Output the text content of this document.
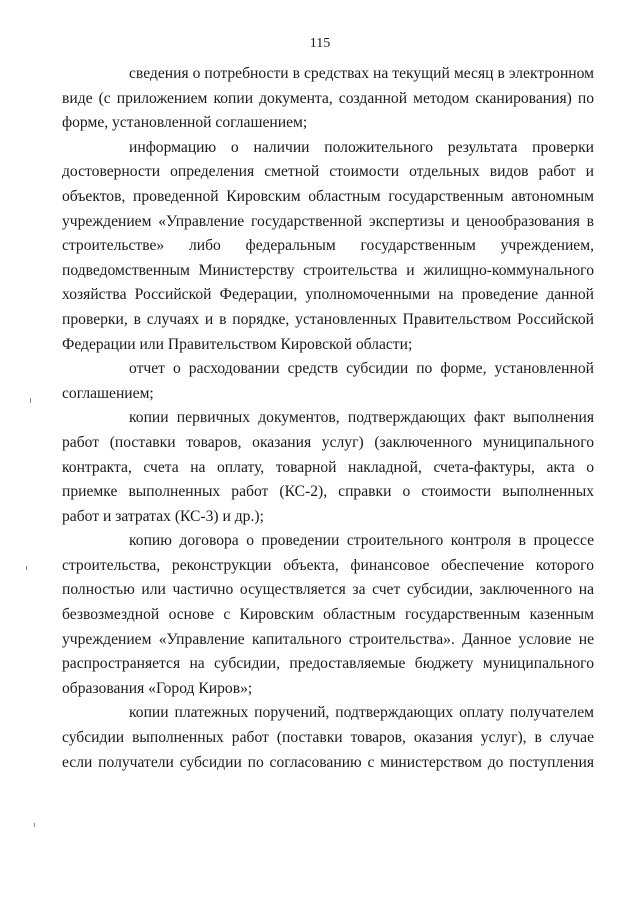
115
сведения о потребности в средствах на текущий месяц в электронном
виде (с приложением копии документа, созданной методом сканирования) по
форме, установленной соглашением;
информацию о наличии положительного результата проверки
достоверности определения сметной стоимости отдельных видов работ и
объектов, проведенной Кировским областным государственным автономным
учреждением «Управление государственной экспертизы и ценообразования в
строительстве» либо федеральным государственным учреждением,
подведомственным Министерству строительства и жилищно-коммунального
хозяйства Российской Федерации, уполномоченными на проведение данной
проверки, в случаях и в порядке, установленных Правительством Российской
Федерации или Правительством Кировской области;
отчет о расходовании средств субсидии по форме, установленной
соглашением;
копии первичных документов, подтверждающих факт выполнения
работ (поставки товаров, оказания услуг) (заключенного муниципального
контракта, счета на оплату, товарной накладной, счета-фактуры, акта о
приемке выполненных работ (КС-2), справки о стоимости выполненных
работ и затратах (КС-3) и др.);
копию договора о проведении строительного контроля в процессе
строительства, реконструкции объекта, финансовое обеспечение которого
полностью или частично осуществляется за счет субсидии, заключенного на
безвозмездной основе с Кировским областным государственным казенным
учреждением «Управление капитального строительства». Данное условие не
распространяется на субсидии, предоставляемые бюджету муниципального
образования «Город Киров»;
копии платежных поручений, подтверждающих оплату получателем
субсидии выполненных работ (поставки товаров, оказания услуг), в случае
если получатели субсидии по согласованию с министерством до поступления
